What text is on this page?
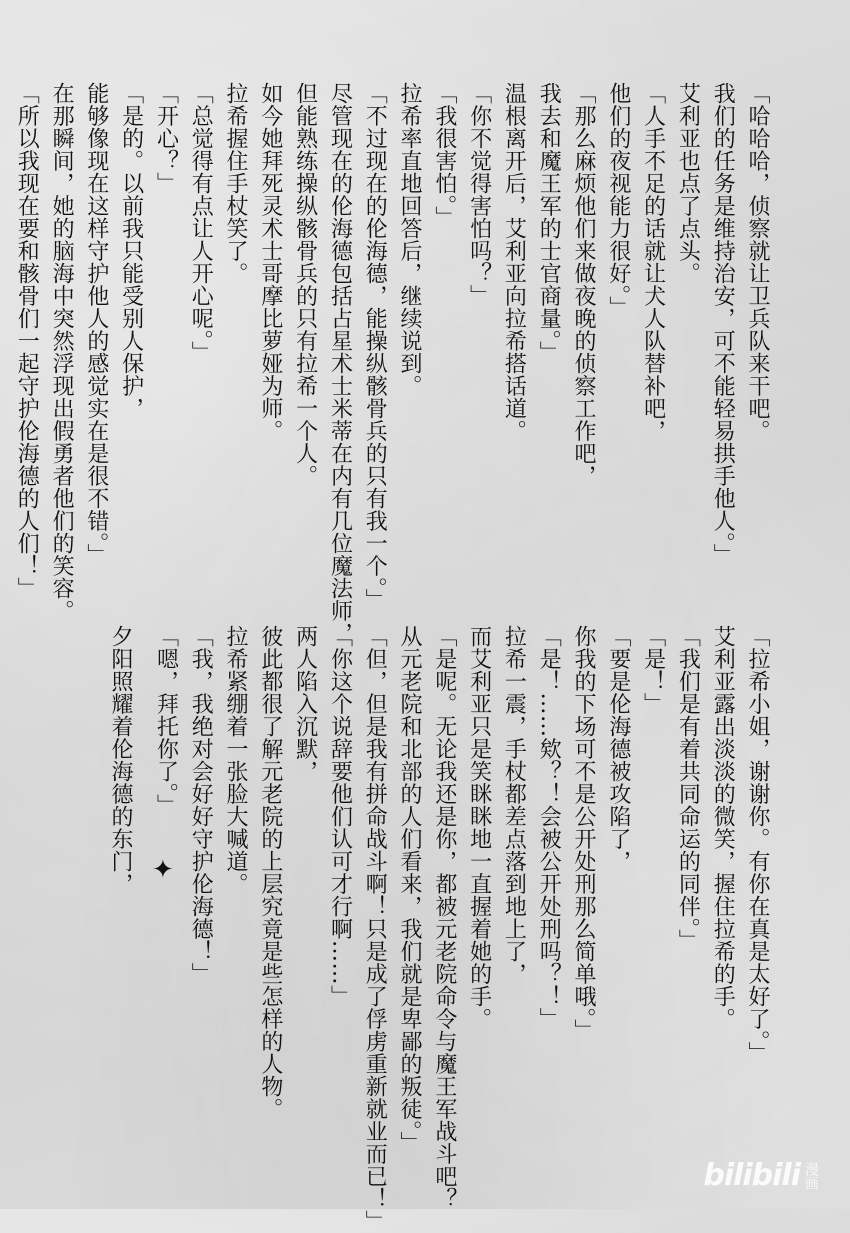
「哈哈哈，侦察就让卫兵队来干吧。
我们的任务是维持治安，可不能轻易拱手他人。」
艾利亚也点了点头。
「人手不足的话就让犬人队替补吧，
他们的夜视能力很好。」
「那么麻烦他们来做夜晚的侦察工作吧，
我去和魔王军的士官商量。」
温根离开后，艾利亚向拉希搭话道。
「你不觉得害怕吗？」
「我很害怕。」
拉希率直地回答后，继续说到。
「不过现在的伦海德，能操纵骸骨兵的只有我一个。」
尽管现在的伦海德包括占星术士米蒂在内有几位魔法师，
但能熟练操纵骸骨兵的只有拉希一个人。
如今她拜死灵术士哥摩比萝娅为师。
拉希握住手杖笑了。
「总觉得有点让人开心呢。」
「开心？」
「是的。以前我只能受别人保护，
能够像现在这样守护他人的感觉实在是很不错。」
在那瞬间，她的脑海中突然浮现出假勇者他们的笑容。
「所以我现在要和骸骨们一起守护伦海德的人们！」
「拉希小姐，谢谢你。有你在真是太好了。」
艾利亚露出淡淡的微笑，握住拉希的手。
「我们是有着共同命运的同伴。」
「是！」
「要是伦海德被攻陷了，
你我的下场可不是公开处刑那么简单哦。」
「是！……欸？！会被公开处刑吗？！」
拉希一震，手杖都差点落到地上了，
而艾利亚只是笑眯眯地一直握着她的手。
「是呢。无论我还是你，都被元老院命令与魔王军战斗吧？
从元老院和北部的人们看来，我们就是卑鄙的叛徒。」
「但，但是我有拼命战斗啊！只是成了俘虏重新就业而已！」
「你这个说辞要他们认可才行啊……」
两人陷入沉默，
彼此都很了解元老院的上层究竟是些怎样的人物。
拉希紧绷着一张脸大喊道。
「我，我绝对会好好守护伦海德！」
「嗯，拜托你了。」
夕阳照耀着伦海德的东门， ✦
bilibili 漫画
